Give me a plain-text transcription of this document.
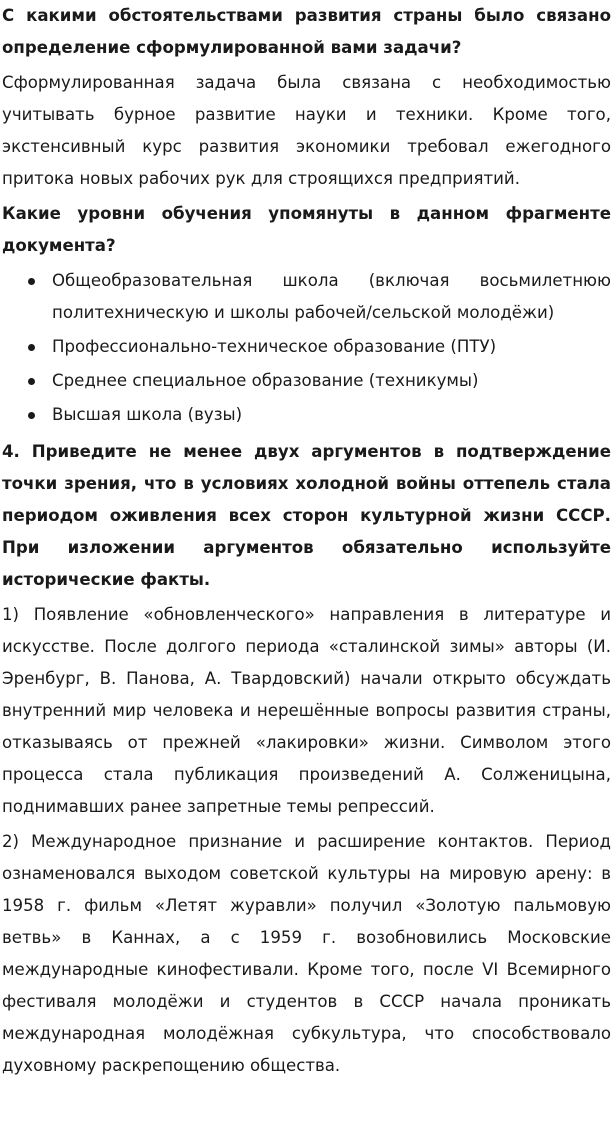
С какими обстоятельствами развития страны было связано определение сформулированной вами задачи?

Сформулированная задача была связана с необходимостью учитывать бурное развитие науки и техники. Кроме того, экстенсивный курс развития экономики требовал ежегодного притока новых рабочих рук для строящихся предприятий.

Какие уровни обучения упомянуты в данном фрагменте документа?

Общеобразовательная школа (включая восьмилетнюю политехническую и школы рабочей/сельской молодёжи)
Профессионально-техническое образование (ПТУ)
Среднее специальное образование (техникумы)
Высшая школа (вузы)

4. Приведите не менее двух аргументов в подтверждение точки зрения, что в условиях холодной войны оттепель стала периодом оживления всех сторон культурной жизни СССР. При изложении аргументов обязательно используйте исторические факты.

1) Появление «обновленческого» направления в литературе и искусстве. После долгого периода «сталинской зимы» авторы (И. Эренбург, В. Панова, А. Твардовский) начали открыто обсуждать внутренний мир человека и нерешённые вопросы развития страны, отказываясь от прежней «лакировки» жизни. Символом этого процесса стала публикация произведений А. Солженицына, поднимавших ранее запретные темы репрессий.

2) Международное признание и расширение контактов. Период ознаменовался выходом советской культуры на мировую арену: в 1958 г. фильм «Летят журавли» получил «Золотую пальмовую ветвь» в Каннах, а с 1959 г. возобновились Московские международные кинофестивали. Кроме того, после VI Всемирного фестиваля молодёжи и студентов в СССР начала проникать международная молодёжная субкультура, что способствовало духовному раскрепощению общества.
